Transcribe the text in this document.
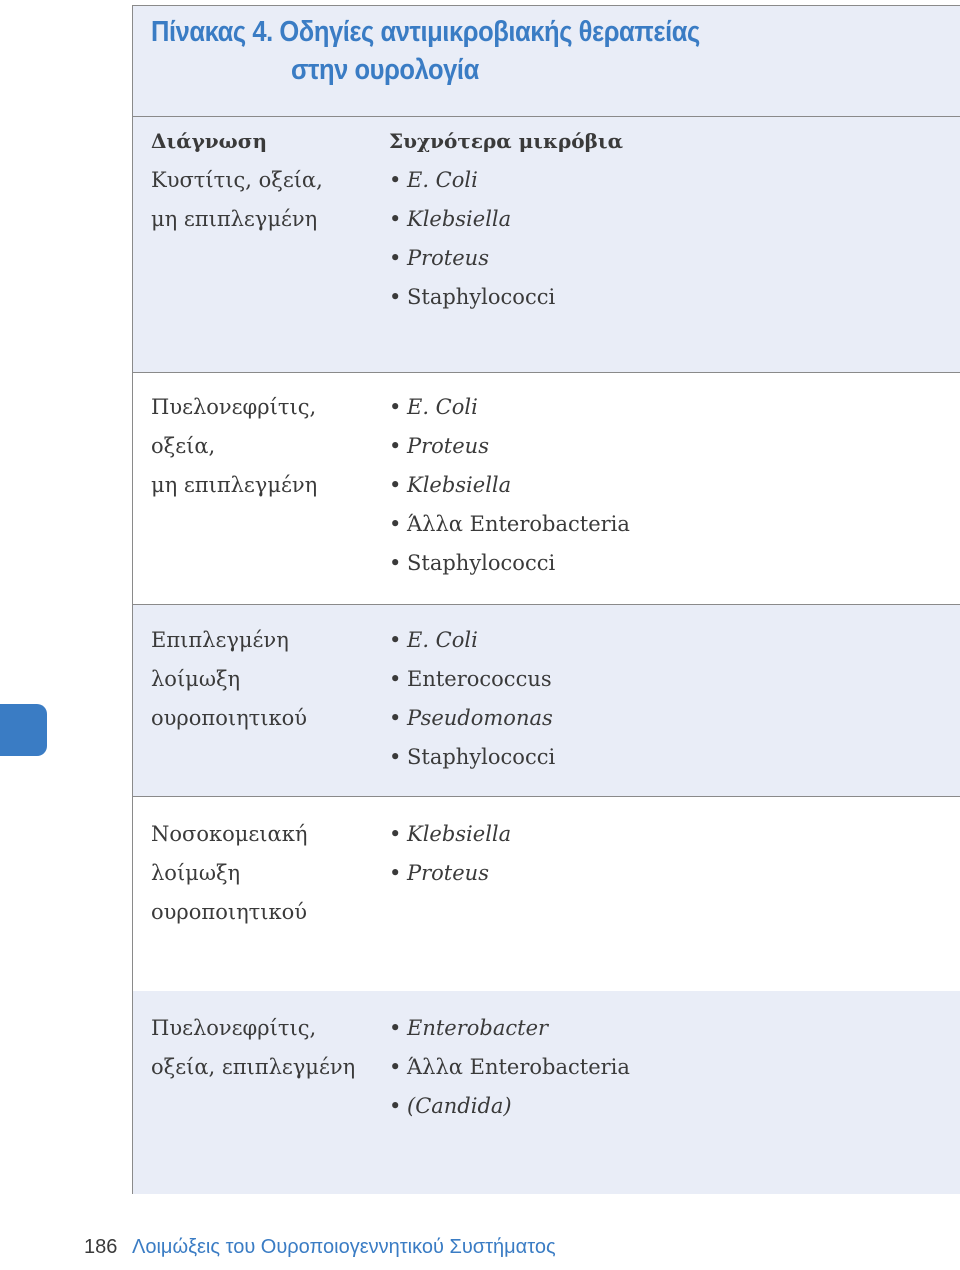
Πίνακας 4. Οδηγίες αντιμικροβιακής θεραπείας
στην ουρολογία
Διάγνωση
Κυστίτις, οξεία,
μη επιπλεγμένη
Συχνότερα μικρόβια
• E. Coli
• Klebsiella
• Proteus
• Staphylococci
Πυελονεφρίτις,
οξεία,
μη επιπλεγμένη
• E. Coli
• Proteus
• Klebsiella
• Άλλα Enterobacteria
• Staphylococci
Επιπλεγμένη
λοίμωξη
ουροποιητικού
• E. Coli
• Enterococcus
• Pseudomonas
• Staphylococci
Νοσοκομειακή
λοίμωξη
ουροποιητικού
• Klebsiella
• Proteus
Πυελονεφρίτις,
οξεία, επιπλεγμένη
• Enterobacter
• Άλλα Enterobacteria
• (Candida)
186 Λοιμώξεις του Ουροποιογεννητικού Συστήματος
